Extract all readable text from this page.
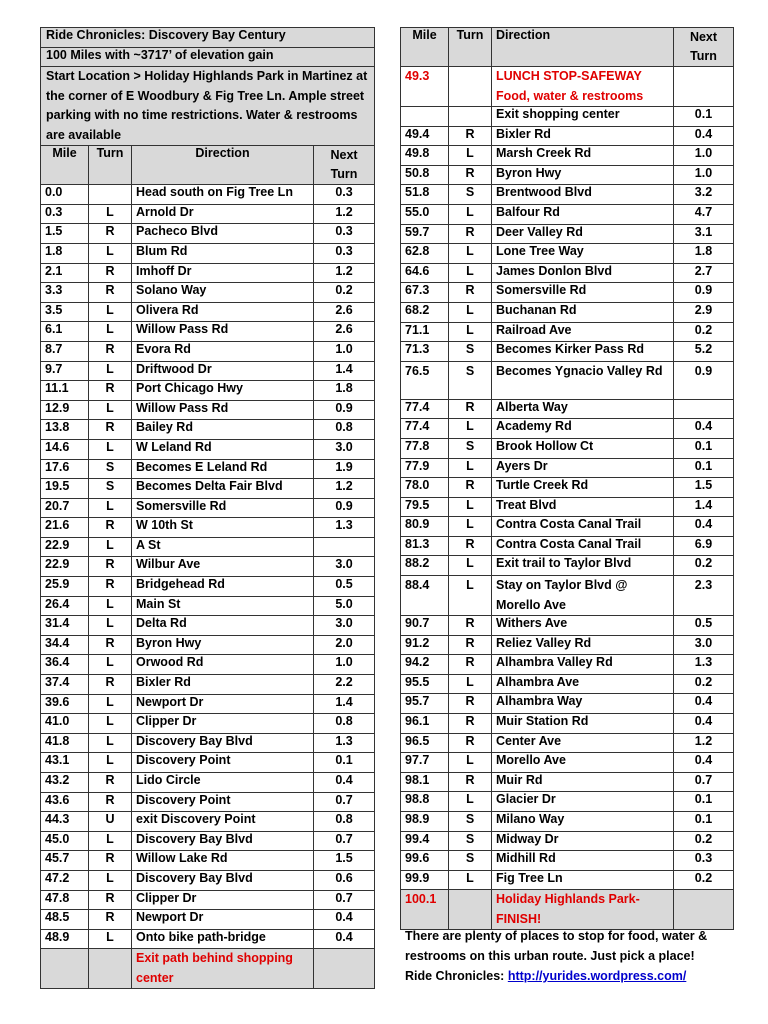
Ride Chronicles: Discovery Bay Century			
100 Miles with ~3717’ of elevation gain			
Start Location > Holiday Highlands Park in Martinez at the corner of E Woodbury & Fig Tree Ln. Ample street parking with no time restrictions. Water & restrooms are available			
Mile	Turn	Direction	Next Turn
0.0		Head south on Fig Tree Ln	0.3
0.3	L	Arnold Dr	1.2
1.5	R	Pacheco Blvd	0.3
1.8	L	Blum Rd	0.3
2.1	R	Imhoff Dr	1.2
3.3	R	Solano Way	0.2
3.5	L	Olivera Rd	2.6
6.1	L	Willow Pass Rd	2.6
8.7	R	Evora Rd	1.0
9.7	L	Driftwood Dr	1.4
11.1	R	Port Chicago Hwy	1.8
12.9	L	Willow Pass Rd	0.9
13.8	R	Bailey Rd	0.8
14.6	L	W Leland Rd	3.0
17.6	S	Becomes E Leland Rd	1.9
19.5	S	Becomes Delta Fair Blvd	1.2
20.7	L	Somersville Rd	0.9
21.6	R	W 10th St	1.3
22.9	L	A St	
22.9	R	Wilbur Ave	3.0
25.9	R	Bridgehead Rd	0.5
26.4	L	Main St	5.0
31.4	L	Delta Rd	3.0
34.4	R	Byron Hwy	2.0
36.4	L	Orwood Rd	1.0
37.4	R	Bixler Rd	2.2
39.6	L	Newport Dr	1.4
41.0	L	Clipper Dr	0.8
41.8	L	Discovery Bay Blvd	1.3
43.1	L	Discovery Point	0.1
43.2	R	Lido Circle	0.4
43.6	R	Discovery Point	0.7
44.3	U	exit Discovery Point	0.8
45.0	L	Discovery Bay Blvd	0.7
45.7	R	Willow Lake Rd	1.5
47.2	L	Discovery Bay Blvd	0.6
47.8	R	Clipper Dr	0.7
48.5	R	Newport Dr	0.4
48.9	L	Onto bike path-bridge	0.4
		Exit path behind shopping center	
Mile	Turn	Direction	Next Turn
49.3		LUNCH STOP-SAFEWAY Food, water & restrooms	
		Exit shopping center	0.1
49.4	R	Bixler Rd	0.4
49.8	L	Marsh Creek Rd	1.0
50.8	R	Byron Hwy	1.0
51.8	S	Brentwood Blvd	3.2
55.0	L	Balfour Rd	4.7
59.7	R	Deer Valley Rd	3.1
62.8	L	Lone Tree Way	1.8
64.6	L	James Donlon Blvd	2.7
67.3	R	Somersville Rd	0.9
68.2	L	Buchanan Rd	2.9
71.1	L	Railroad Ave	0.2
71.3	S	Becomes Kirker Pass Rd	5.2
76.5	S	Becomes Ygnacio Valley Rd	0.9
77.4	R	Alberta Way	
77.4	L	Academy Rd	0.4
77.8	S	Brook Hollow Ct	0.1
77.9	L	Ayers Dr	0.1
78.0	R	Turtle Creek Rd	1.5
79.5	L	Treat Blvd	1.4
80.9	L	Contra Costa Canal Trail	0.4
81.3	R	Contra Costa Canal Trail	6.9
88.2	L	Exit trail to Taylor Blvd	0.2
88.4	L	Stay on Taylor Blvd @ Morello Ave	2.3
90.7	R	Withers Ave	0.5
91.2	R	Reliez Valley Rd	3.0
94.2	R	Alhambra Valley Rd	1.3
95.5	L	Alhambra Ave	0.2
95.7	R	Alhambra Way	0.4
96.1	R	Muir Station Rd	0.4
96.5	R	Center Ave	1.2
97.7	L	Morello Ave	0.4
98.1	R	Muir Rd	0.7
98.8	L	Glacier Dr	0.1
98.9	S	Milano Way	0.1
99.4	S	Midway Dr	0.2
99.6	S	Midhill Rd	0.3
99.9	L	Fig Tree Ln	0.2
100.1		Holiday Highlands Park-FINISH!	
There are plenty of places to stop for food, water & restrooms on this urban route. Just pick a place!
Ride Chronicles: http://yurides.wordpress.com/
